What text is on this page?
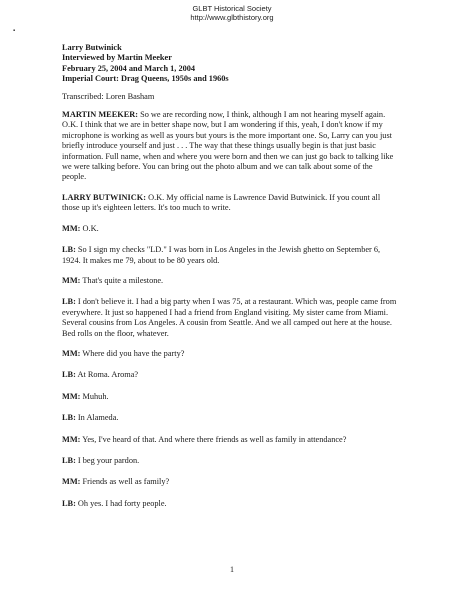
GLBT Historical Society
http://www.glbthistory.org
▪
Larry Butwinick
Interviewed by Martin Meeker
February 25, 2004 and March 1, 2004
Imperial Court: Drag Queens, 1950s and 1960s
Transcribed: Loren Basham

MARTIN MEEKER: So we are recording now, I think, although I am not hearing myself again. O.K. I think that we are in better shape now, but I am wondering if this, yeah, I don't know if my microphone is working as well as yours but yours is the more important one. So, Larry can you just briefly introduce yourself and just . . . The way that these things usually begin is that just basic information. Full name, when and where you were born and then we can just go back to talking like we were talking before. You can bring out the photo album and we can talk about some of the people.

LARRY BUTWINICK: O.K. My official name is Lawrence David Butwinick. If you count all those up it's eighteen letters. It's too much to write.

MM: O.K.

LB: So I sign my checks "LD." I was born in Los Angeles in the Jewish ghetto on September 6, 1924. It makes me 79, about to be 80 years old.

MM: That's quite a milestone.

LB: I don't believe it. I had a big party when I was 75, at a restaurant. Which was, people came from everywhere. It just so happened I had a friend from England visiting. My sister came from Miami. Several cousins from Los Angeles. A cousin from Seattle. And we all camped out here at the house. Bed rolls on the floor, whatever.

MM: Where did you have the party?

LB: At Roma. Aroma?

MM: Muhuh.

LB: In Alameda.

MM: Yes, I've heard of that. And where there friends as well as family in attendance?

LB: I beg your pardon.

MM: Friends as well as family?

LB: Oh yes. I had forty people.

1
